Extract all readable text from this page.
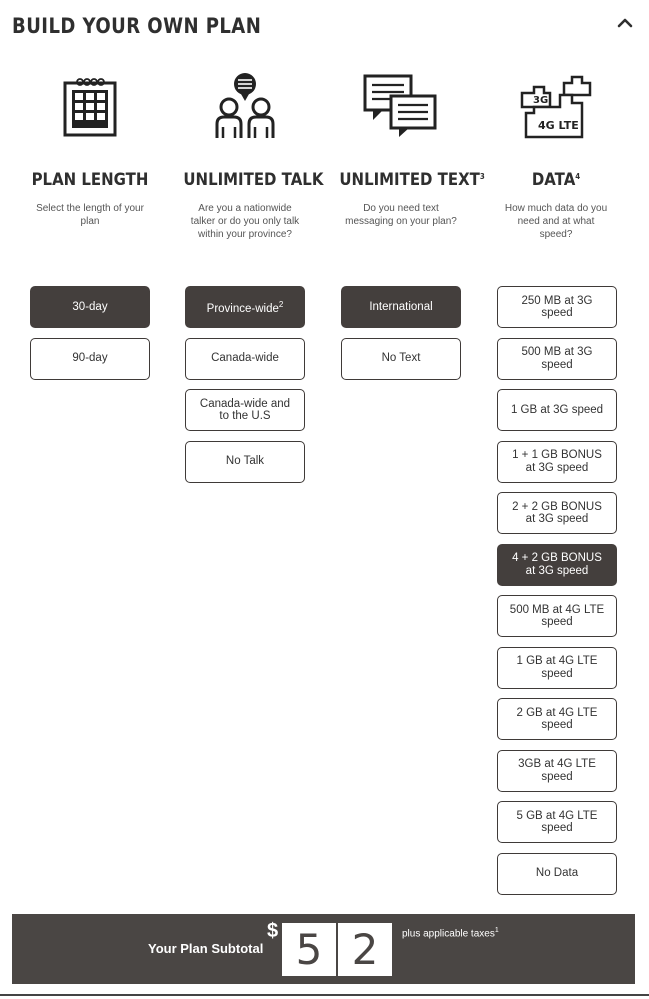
BUILD YOUR OWN PLAN
PLAN LENGTH
Select the length of your plan
UNLIMITED TALK
Are you a nationwide talker or do you only talk within your province?
UNLIMITED TEXT$^3$
Do you need text messaging on your plan?
3G
4G LTE
DATA$^4$
How much data do you need and at what speed?
30-day
90-day
Province-wide$^2$
Canada-wide
Canada-wide and to the U.S
No Talk
International
No Text
250 MB at 3G speed
500 MB at 3G speed
1 GB at 3G speed
1 + 1 GB BONUS at 3G speed
2 + 2 GB BONUS at 3G speed
4 + 2 GB BONUS at 3G speed
500 MB at 4G LTE speed
1 GB at 4G LTE speed
2 GB at 4G LTE speed
3GB at 4G LTE speed
5 GB at 4G LTE speed
No Data
Your Plan Subtotal
$ 5 2	plus applicable taxes$^1$
